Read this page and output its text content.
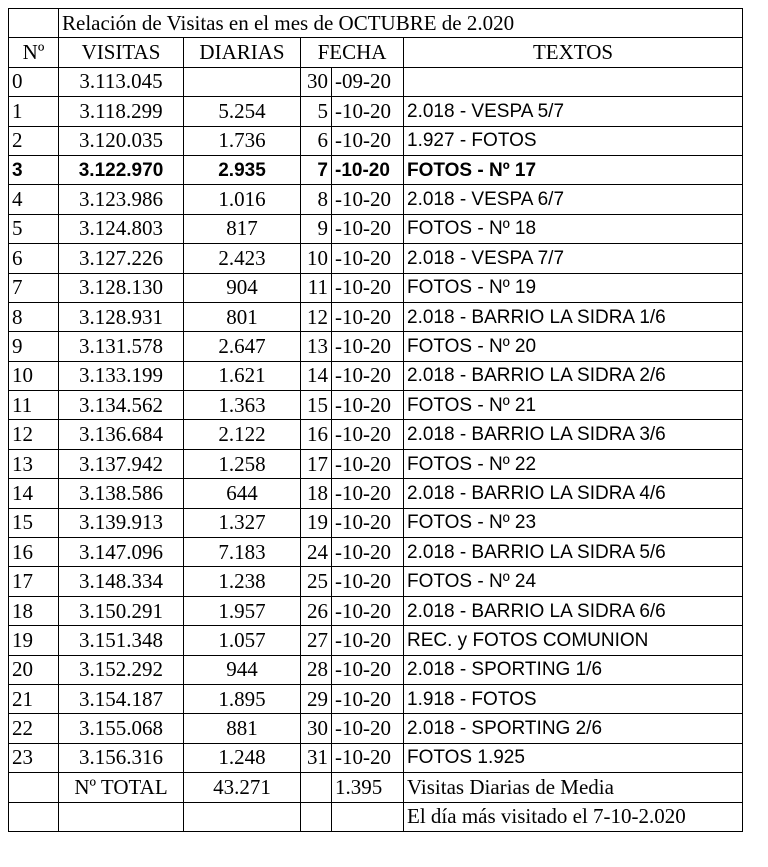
	Relación de Visitas en el mes de OCTUBRE de 2.020				
Nº	VISITAS	DIARIAS	FECHA		TEXTOS
0	3.113.045		30	-09-20	
1	3.118.299	5.254	5	-10-20	2.018 - VESPA 5/7
2	3.120.035	1.736	6	-10-20	1.927 - FOTOS
3	3.122.970	2.935	7	-10-20	FOTOS - Nº 17
4	3.123.986	1.016	8	-10-20	2.018 - VESPA 6/7
5	3.124.803	817	9	-10-20	FOTOS - Nº 18
6	3.127.226	2.423	10	-10-20	2.018 - VESPA 7/7
7	3.128.130	904	11	-10-20	FOTOS - Nº 19
8	3.128.931	801	12	-10-20	2.018 - BARRIO LA SIDRA 1/6
9	3.131.578	2.647	13	-10-20	FOTOS - Nº 20
10	3.133.199	1.621	14	-10-20	2.018 - BARRIO LA SIDRA 2/6
11	3.134.562	1.363	15	-10-20	FOTOS - Nº 21
12	3.136.684	2.122	16	-10-20	2.018 - BARRIO LA SIDRA 3/6
13	3.137.942	1.258	17	-10-20	FOTOS - Nº 22
14	3.138.586	644	18	-10-20	2.018 - BARRIO LA SIDRA 4/6
15	3.139.913	1.327	19	-10-20	FOTOS - Nº 23
16	3.147.096	7.183	24	-10-20	2.018 - BARRIO LA SIDRA 5/6
17	3.148.334	1.238	25	-10-20	FOTOS - Nº 24
18	3.150.291	1.957	26	-10-20	2.018 - BARRIO LA SIDRA 6/6
19	3.151.348	1.057	27	-10-20	REC. y FOTOS COMUNION
20	3.152.292	944	28	-10-20	2.018 - SPORTING 1/6
21	3.154.187	1.895	29	-10-20	1.918 - FOTOS
22	3.155.068	881	30	-10-20	2.018 - SPORTING 2/6
23	3.156.316	1.248	31	-10-20	FOTOS 1.925
	Nº TOTAL	43.271		1.395	Visitas Diarias de Media
					El día más visitado el 7-10-2.020
